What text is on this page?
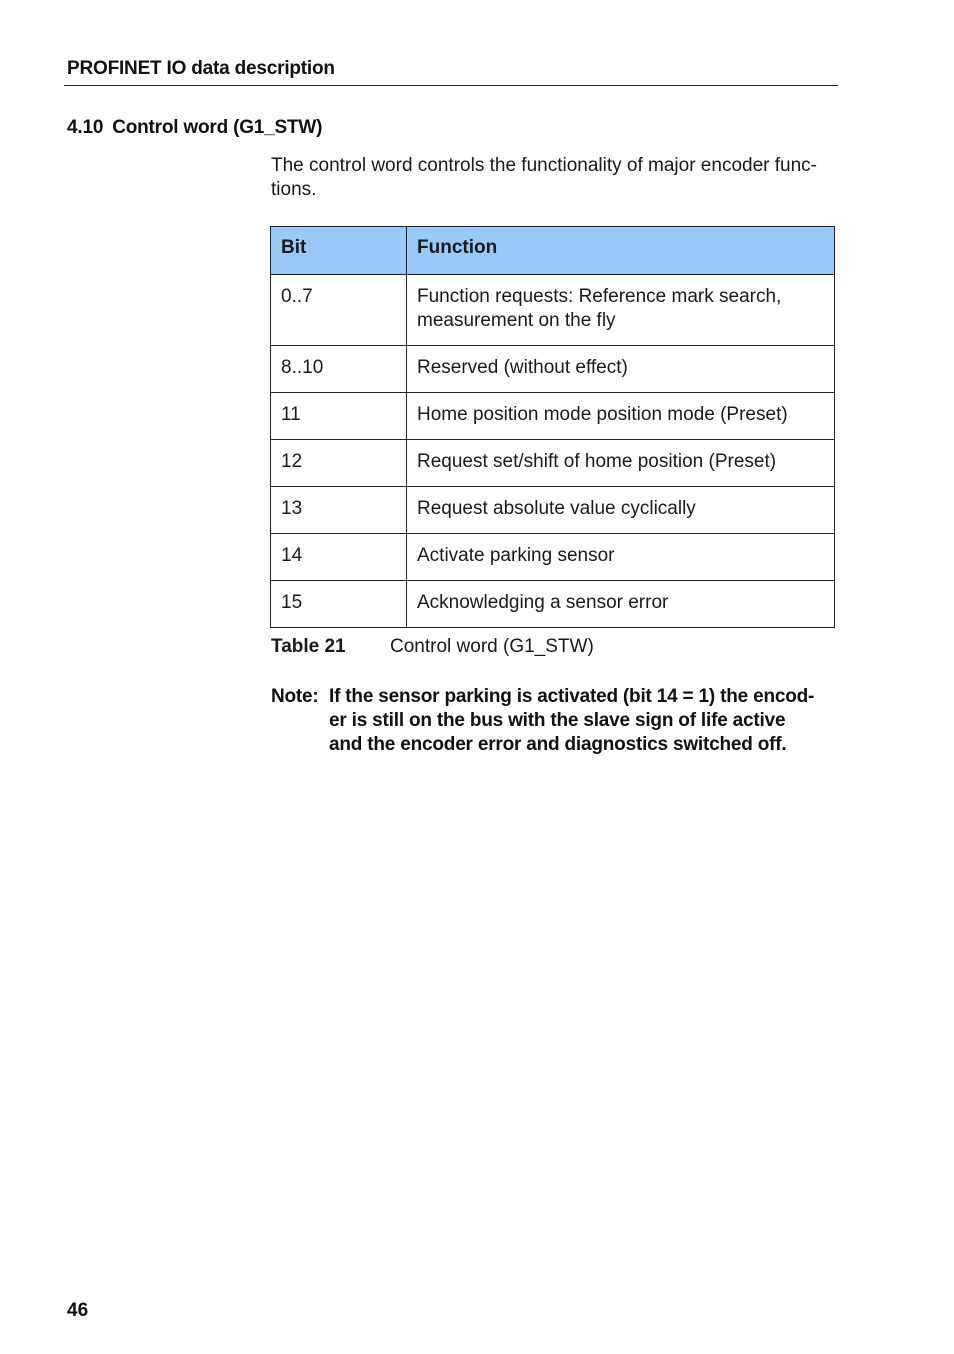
PROFINET IO data description
4.10 Control word (G1_STW)
The control word controls the functionality of major encoder func-
tions.
Bit	Function
0..7	Function requests: Reference mark search,
measurement on the fly

8..10	Reserved (without effect)

11	Home position mode position mode (Preset)

12	Request set/shift of home position (Preset)

13	Request absolute value cyclically

14	Activate parking sensor

15	Acknowledging a sensor error
Table 21 Control word (G1_STW)
Note: If the sensor parking is activated (bit 14 = 1) the encod-
er is still on the bus with the slave sign of life active
and the encoder error and diagnostics switched off.
46
